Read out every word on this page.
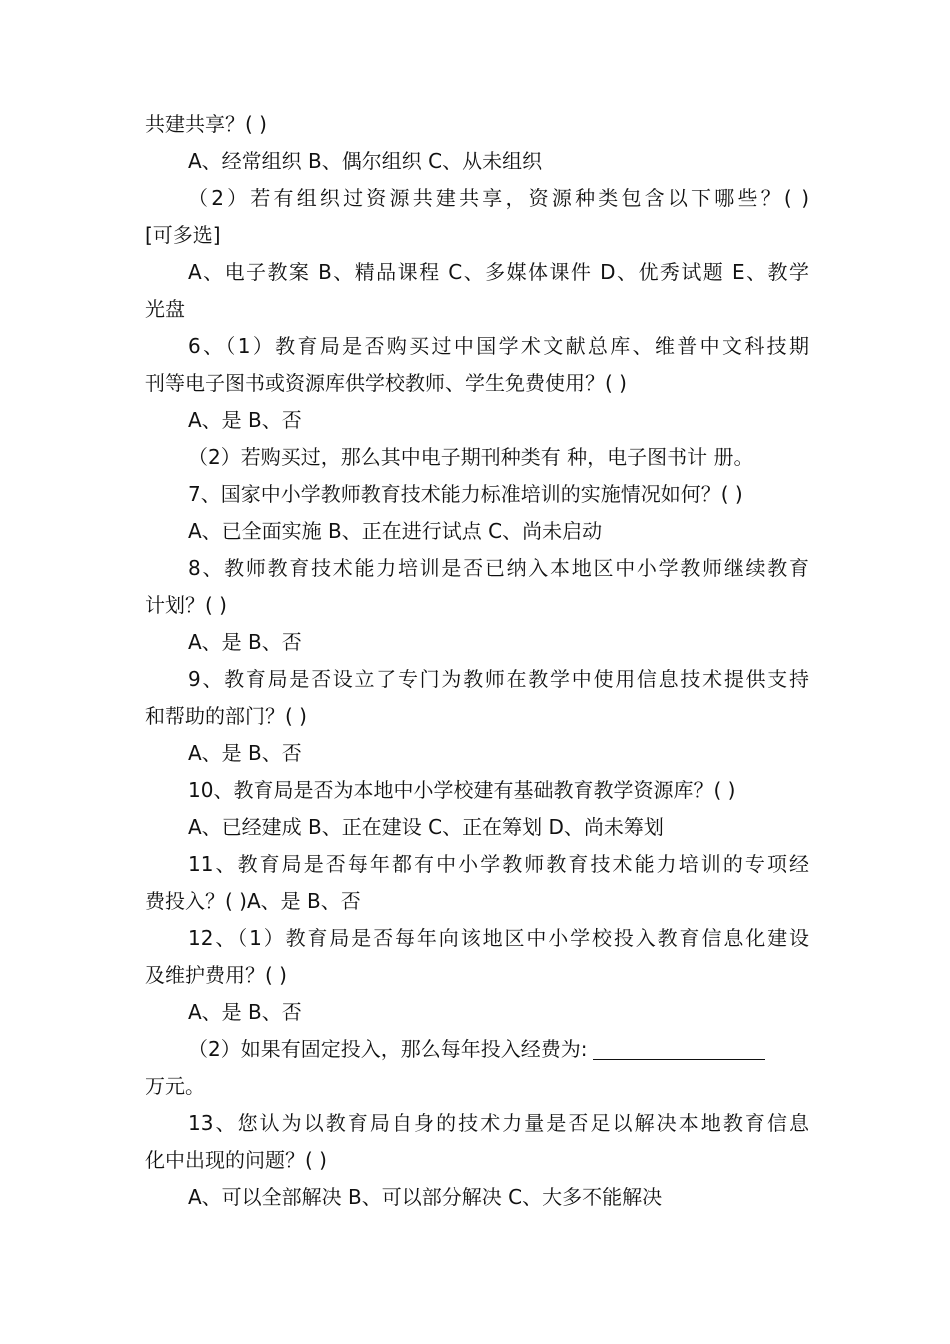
共建共享？( )
A、经常组织 B、偶尔组织 C、从未组织
（2）若有组织过资源共建共享，资源种类包含以下哪些？( )
[可多选]
A、电子教案 B、精品课程 C、多媒体课件 D、优秀试题 E、教学
光盘
6、（1）教育局是否购买过中国学术文献总库、维普中文科技期
刊等电子图书或资源库供学校教师、学生免费使用？( )
A、是 B、否
（2）若购买过，那么其中电子期刊种类有 种，电子图书计 册。
7、国家中小学教师教育技术能力标准培训的实施情况如何？( )
A、已全面实施 B、正在进行试点 C、尚未启动
8、教师教育技术能力培训是否已纳入本地区中小学教师继续教育
计划？( )
A、是 B、否
9、教育局是否设立了专门为教师在教学中使用信息技术提供支持
和帮助的部门？( )
A、是 B、否
10、教育局是否为本地中小学校建有基础教育教学资源库？( )
A、已经建成 B、正在建设 C、正在筹划 D、尚未筹划
11、教育局是否每年都有中小学教师教育技术能力培训的专项经
费投入？( )A、是 B、否
12、（1）教育局是否每年向该地区中小学校投入教育信息化建设
及维护费用？( )
A、是 B、否
（2）如果有固定投入，那么每年投入经费为:
万元。
13、您认为以教育局自身的技术力量是否足以解决本地教育信息
化中出现的问题？( )
A、可以全部解决 B、可以部分解决 C、大多不能解决
